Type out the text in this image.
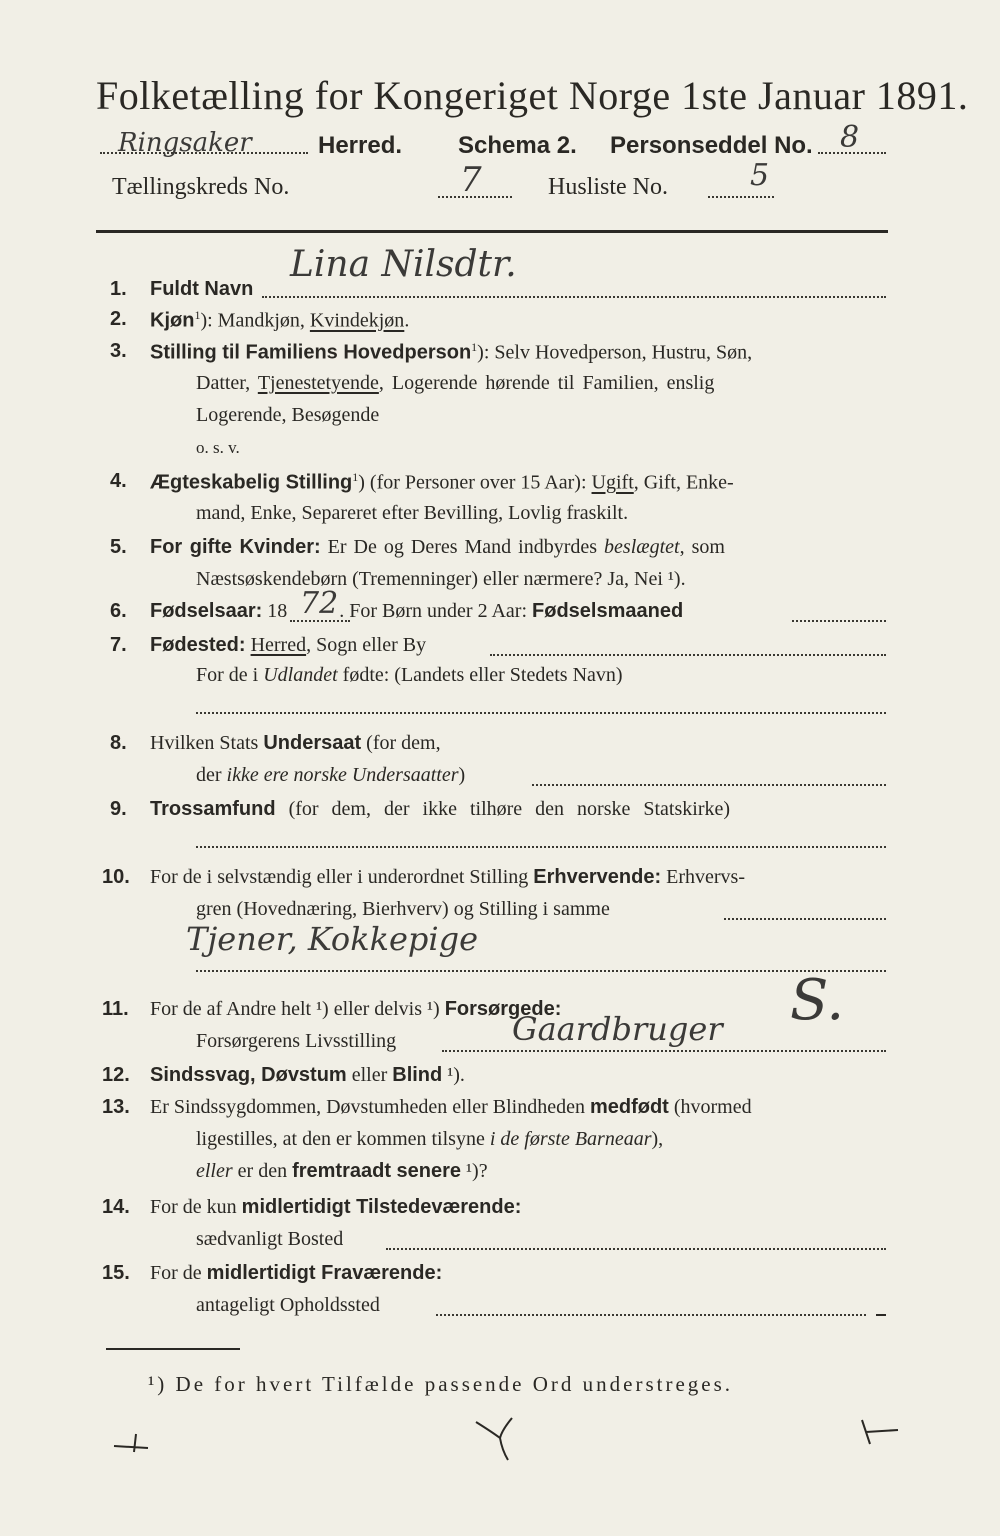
Folketælling for Kongeriget Norge 1ste Januar 1891.
Ringsaker	Herred. Schema 2. Personseddel No. 8
Tællingskreds No.	7	Husliste No.	5
1. Fuldt Navn
Lina Nilsdtr.
2. Kjøn$^1$): Mandkjøn, Kvindekjøn.
3. Stilling til Familiens Hovedperson$^1$): Selv Hovedperson, Hustru, Søn,
Datter, Tjenestetyende, Logerende hørende til Familien, enslig
Logerende, Besøgende
o. s. v.
4. Ægteskabelig Stilling$^1$) (for Personer over 15 Aar): Ugift, Gift, Enke-
mand, Enke, Separeret efter Bevilling, Lovlig fraskilt.
5. For gifte Kvinder: Er De og Deres Mand indbyrdes beslægtet, som
Næstsøskendebørn (Tremenninger) eller nærmere? Ja, Nei ¹).
6. Fødselsaar: 18	. For Børn under 2 Aar: Fødselsmaaned
72
7. Fødested: Herred, Sogn eller By
For de i Udlandet fødte: (Landets eller Stedets Navn)
8. Hvilken Stats Undersaat (for dem,
der ikke ere norske Undersaatter)
9. Trossamfund (for dem, der ikke tilhøre den norske Statskirke)
10. For de i selvstændig eller i underordnet Stilling Erhvervende: Erhvervs-
gren (Hovednæring, Bierhverv) og Stilling i samme
Tjener, Kokkepige
11. For de af Andre helt ¹) eller delvis ¹) Forsørgede:
Forsørgerens Livsstilling	Gaardbruger S.
12. Sindssvag, Døvstum eller Blind ¹).
13. Er Sindssygdommen, Døvstumheden eller Blindheden medfødt (hvormed
ligestilles, at den er kommen tilsyne i de første Barneaar),
eller er den fremtraadt senere ¹)?
14. For de kun midlertidigt Tilstedeværende:
sædvanligt Bosted
15. For de midlertidigt Fraværende:
antageligt Opholdssted
¹) De for hvert Tilfælde passende Ord understreges.
